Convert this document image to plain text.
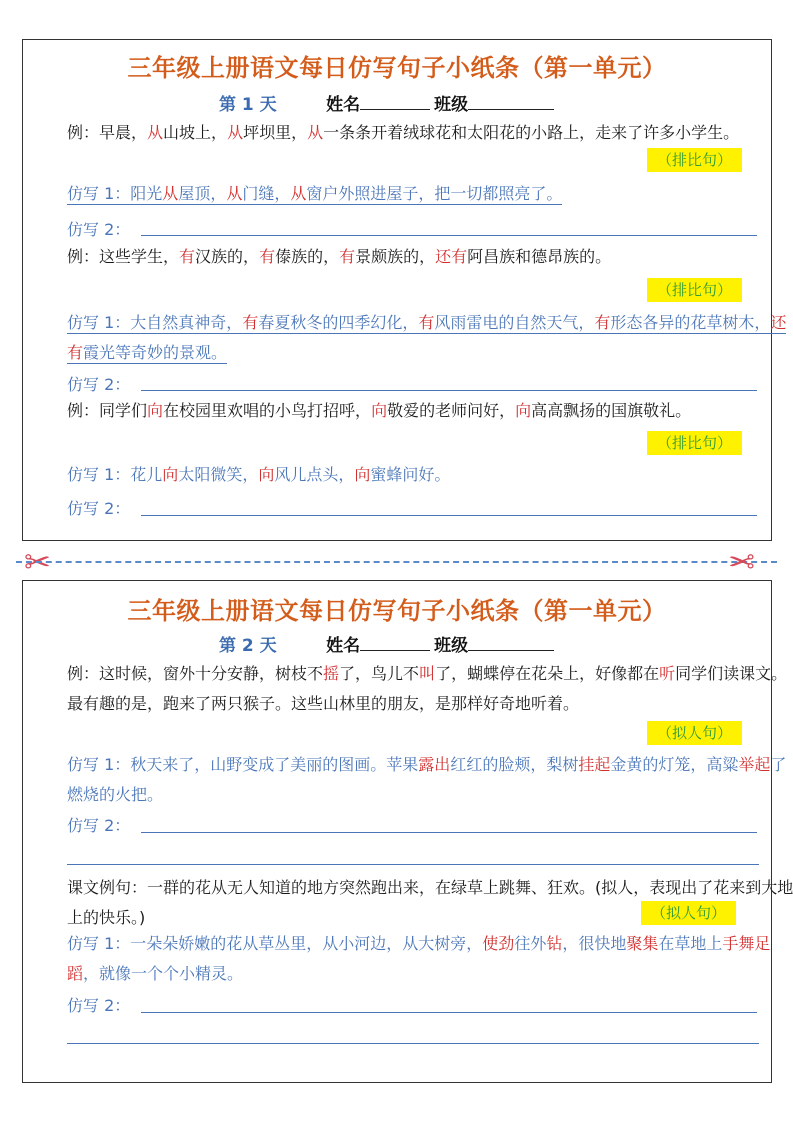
三年级上册语文每日仿写句子小纸条（第一单元）
第 1 天	姓名	班级
例：早晨，从山坡上，从坪坝里，从一条条开着绒球花和太阳花的小路上，走来了许多小学生。
（排比句）
仿写 1：阳光从屋顶，从门缝，从窗户外照进屋子，把一切都照亮了。
仿写 2：
例：这些学生，有汉族的，有傣族的，有景颇族的，还有阿昌族和德昂族的。
（排比句）
仿写 1：大自然真神奇，有春夏秋冬的四季幻化，有风雨雷电的自然天气，有形态各异的花草树木，还有霞光等奇妙的景观。
仿写 2：
例：同学们向在校园里欢唱的小鸟打招呼，向敬爱的老师问好，向高高飘扬的国旗敬礼。
（排比句）
仿写 1：花儿向太阳微笑，向风儿点头，向蜜蜂问好。
仿写 2：
✂	✂
三年级上册语文每日仿写句子小纸条（第一单元）
第 2 天	姓名	班级
例：这时候，窗外十分安静，树枝不摇了，鸟儿不叫了，蝴蝶停在花朵上，好像都在听同学们读课文。最有趣的是，跑来了两只猴子。这些山林里的朋友，是那样好奇地听着。
（拟人句）
仿写 1：秋天来了，山野变成了美丽的图画。苹果露出红红的脸颊，梨树挂起金黄的灯笼，高粱举起了燃烧的火把。
仿写 2：
课文例句：一群的花从无人知道的地方突然跑出来，在绿草上跳舞、狂欢。(拟人，表现出了花来到大地上的快乐。)	（拟人句）
仿写 1：一朵朵娇嫩的花从草丛里，从小河边，从大树旁，使劲往外钻，很快地聚集在草地上手舞足蹈，就像一个个小精灵。
仿写 2：
